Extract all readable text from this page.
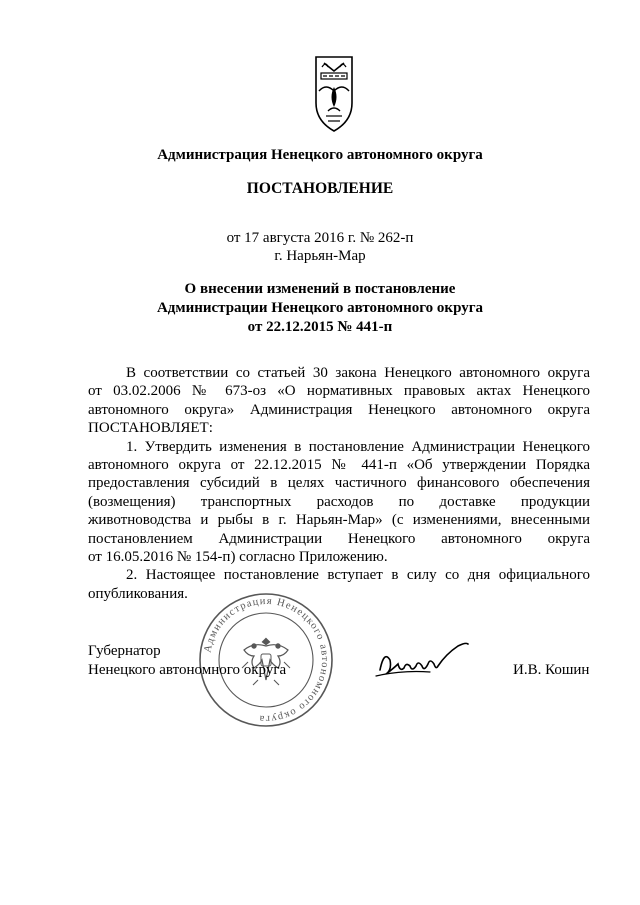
Администрация Ненецкого автономного округа
ПОСТАНОВЛЕНИЕ
от 17 августа 2016 г. № 262-п
г. Нарьян-Мар
О внесении изменений в постановление
Администрации Ненецкого автономного округа
от 22.12.2015 № 441-п
В соответствии со статьей 30 закона Ненецкого автономного округа
от 03.02.2006 № 673-оз «О нормативных правовых актах Ненецкого
автономного округа» Администрация Ненецкого автономного округа
ПОСТАНОВЛЯЕТ:
1. Утвердить изменения в постановление Администрации Ненецкого
автономного округа от 22.12.2015 № 441-п «Об утверждении Порядка
предоставления субсидий в целях частичного финансового обеспечения
(возмещения) транспортных расходов по доставке продукции
животноводства и рыбы в г. Нарьян-Мар» (с изменениями, внесенными
постановлением Администрации Ненецкого автономного округа
от 16.05.2016 № 154-п) согласно Приложению.
2. Настоящее постановление вступает в силу со дня официального
опубликования.
Администрация Ненецкого автономного округа
Губернатор
Ненецкого автономного округа	И.В. Кошин
